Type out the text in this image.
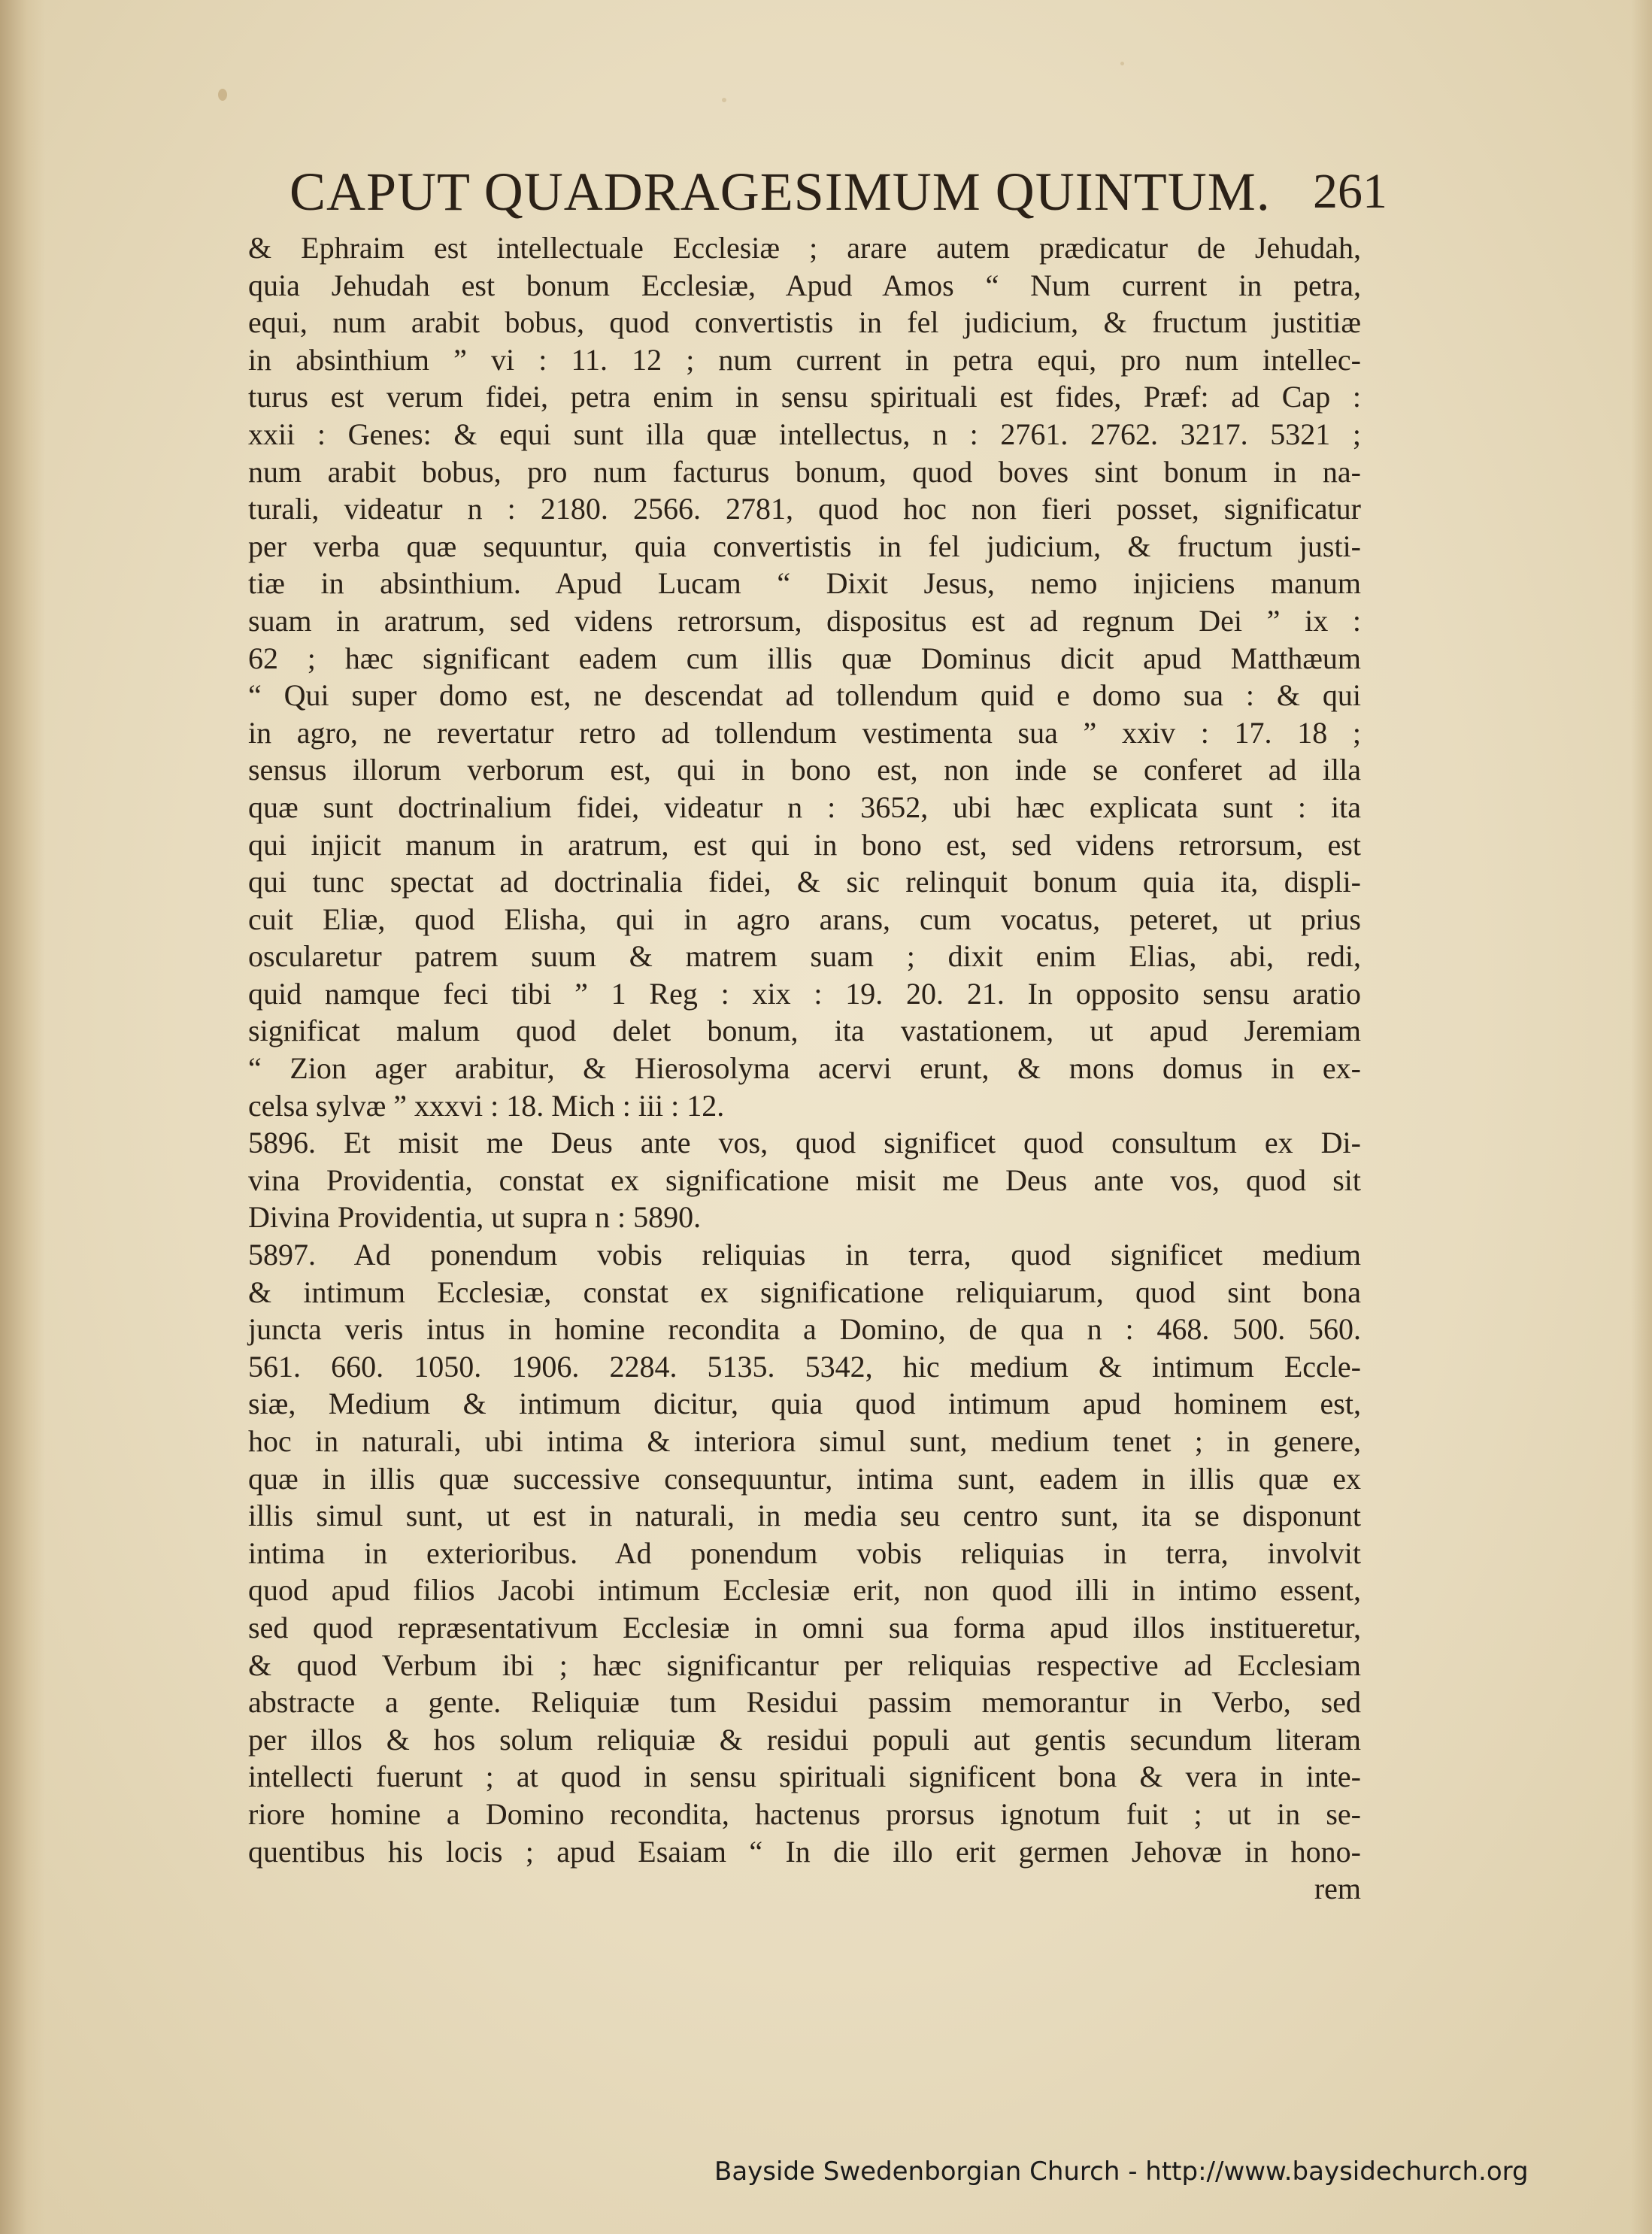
CAPUT QUADRAGESIMUM QUINTUM. 261
& Ephraim est intellectuale Ecclesiæ ; arare autem prædicatur de Jehudah,
quia Jehudah est bonum Ecclesiæ, Apud Amos “ Num current in petra,
equi, num arabit bobus, quod convertistis in fel judicium, & fructum justitiæ
in absinthium ” vi : 11. 12 ; num current in petra equi, pro num intellec-
turus est verum fidei, petra enim in sensu spirituali est fides, Præf: ad Cap :
xxii : Genes: & equi sunt illa quæ intellectus, n : 2761. 2762. 3217. 5321 ;
num arabit bobus, pro num facturus bonum, quod boves sint bonum in na-
turali, videatur n : 2180. 2566. 2781, quod hoc non fieri posset, significatur
per verba quæ sequuntur, quia convertistis in fel judicium, & fructum justi-
tiæ in absinthium. Apud Lucam “ Dixit Jesus, nemo injiciens manum
suam in aratrum, sed videns retrorsum, dispositus est ad regnum Dei ” ix :
62 ; hæc significant eadem cum illis quæ Dominus dicit apud Matthæum
“ Qui super domo est, ne descendat ad tollendum quid e domo sua : & qui
in agro, ne revertatur retro ad tollendum vestimenta sua ” xxiv : 17. 18 ;
sensus illorum verborum est, qui in bono est, non inde se conferet ad illa
quæ sunt doctrinalium fidei, videatur n : 3652, ubi hæc explicata sunt : ita
qui injicit manum in aratrum, est qui in bono est, sed videns retrorsum, est
qui tunc spectat ad doctrinalia fidei, & sic relinquit bonum quia ita, displi-
cuit Eliæ, quod Elisha, qui in agro arans, cum vocatus, peteret, ut prius
oscularetur patrem suum & matrem suam ; dixit enim Elias, abi, redi,
quid namque feci tibi ” 1 Reg : xix : 19. 20. 21. In opposito sensu aratio
significat malum quod delet bonum, ita vastationem, ut apud Jeremiam
“ Zion ager arabitur, & Hierosolyma acervi erunt, & mons domus in ex-
celsa sylvæ ” xxxvi : 18. Mich : iii : 12.
5896. Et misit me Deus ante vos, quod significet quod consultum ex Di-
vina Providentia, constat ex significatione misit me Deus ante vos, quod sit
Divina Providentia, ut supra n : 5890.
5897. Ad ponendum vobis reliquias in terra, quod significet medium
& intimum Ecclesiæ, constat ex significatione reliquiarum, quod sint bona
juncta veris intus in homine recondita a Domino, de qua n : 468. 500. 560.
561. 660. 1050. 1906. 2284. 5135. 5342, hic medium & intimum Eccle-
siæ, Medium & intimum dicitur, quia quod intimum apud hominem est,
hoc in naturali, ubi intima & interiora simul sunt, medium tenet ; in genere,
quæ in illis quæ successive consequuntur, intima sunt, eadem in illis quæ ex
illis simul sunt, ut est in naturali, in media seu centro sunt, ita se disponunt
intima in exterioribus. Ad ponendum vobis reliquias in terra, involvit
quod apud filios Jacobi intimum Ecclesiæ erit, non quod illi in intimo essent,
sed quod repræsentativum Ecclesiæ in omni sua forma apud illos institueretur,
& quod Verbum ibi ; hæc significantur per reliquias respective ad Ecclesiam
abstracte a gente. Reliquiæ tum Residui passim memorantur in Verbo, sed
per illos & hos solum reliquiæ & residui populi aut gentis secundum literam
intellecti fuerunt ; at quod in sensu spirituali significent bona & vera in inte-
riore homine a Domino recondita, hactenus prorsus ignotum fuit ; ut in se-
quentibus his locis ; apud Esaiam “ In die illo erit germen Jehovæ in hono-
rem
Bayside Swedenborgian Church - http://www.baysidechurch.org
